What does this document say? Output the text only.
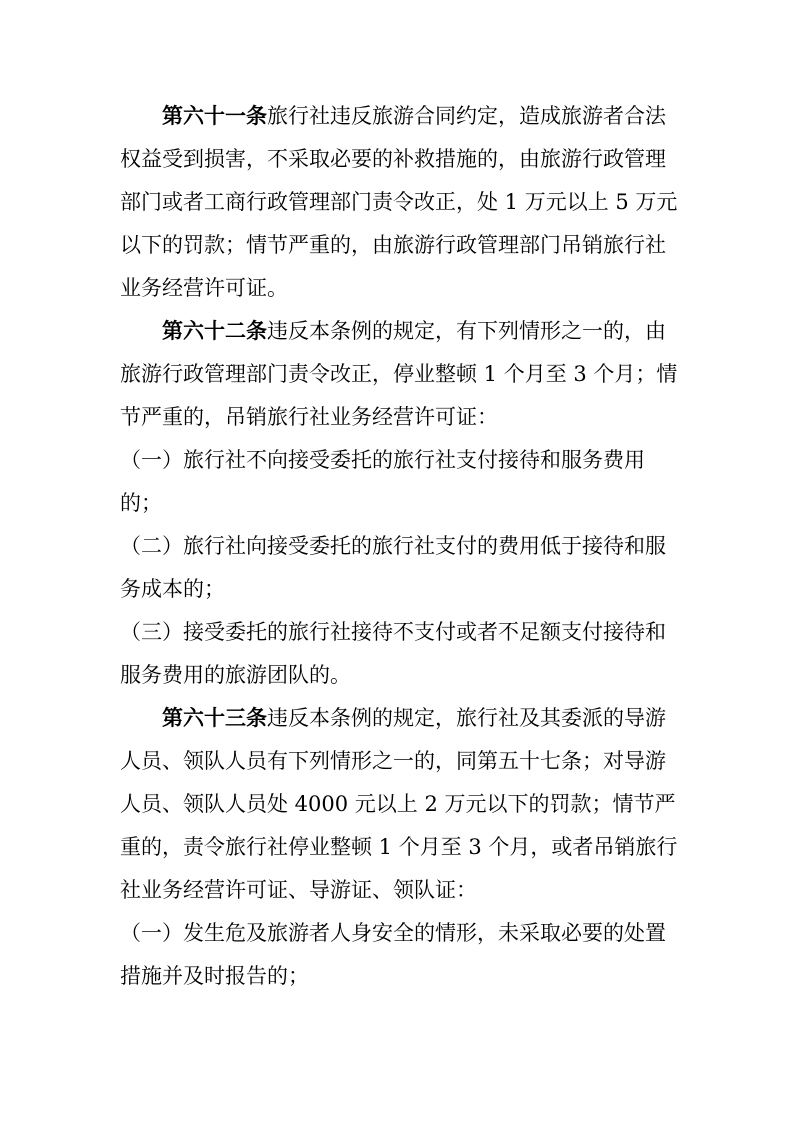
第六十一条旅行社违反旅游合同约定，造成旅游者合法
权益受到损害，不采取必要的补救措施的，由旅游行政管理
部门或者工商行政管理部门责令改正，处 1 万元以上 5 万元
以下的罚款；情节严重的，由旅游行政管理部门吊销旅行社
业务经营许可证。
第六十二条违反本条例的规定，有下列情形之一的，由
旅游行政管理部门责令改正，停业整顿 1 个月至 3 个月；情
节严重的，吊销旅行社业务经营许可证：
（一）旅行社不向接受委托的旅行社支付接待和服务费用
的；
（二）旅行社向接受委托的旅行社支付的费用低于接待和服
务成本的；
（三）接受委托的旅行社接待不支付或者不足额支付接待和
服务费用的旅游团队的。
第六十三条违反本条例的规定，旅行社及其委派的导游
人员、领队人员有下列情形之一的，同第五十七条；对导游
人员、领队人员处 4000 元以上 2 万元以下的罚款；情节严
重的，责令旅行社停业整顿 1 个月至 3 个月，或者吊销旅行
社业务经营许可证、导游证、领队证：
（一）发生危及旅游者人身安全的情形，未采取必要的处置
措施并及时报告的；
